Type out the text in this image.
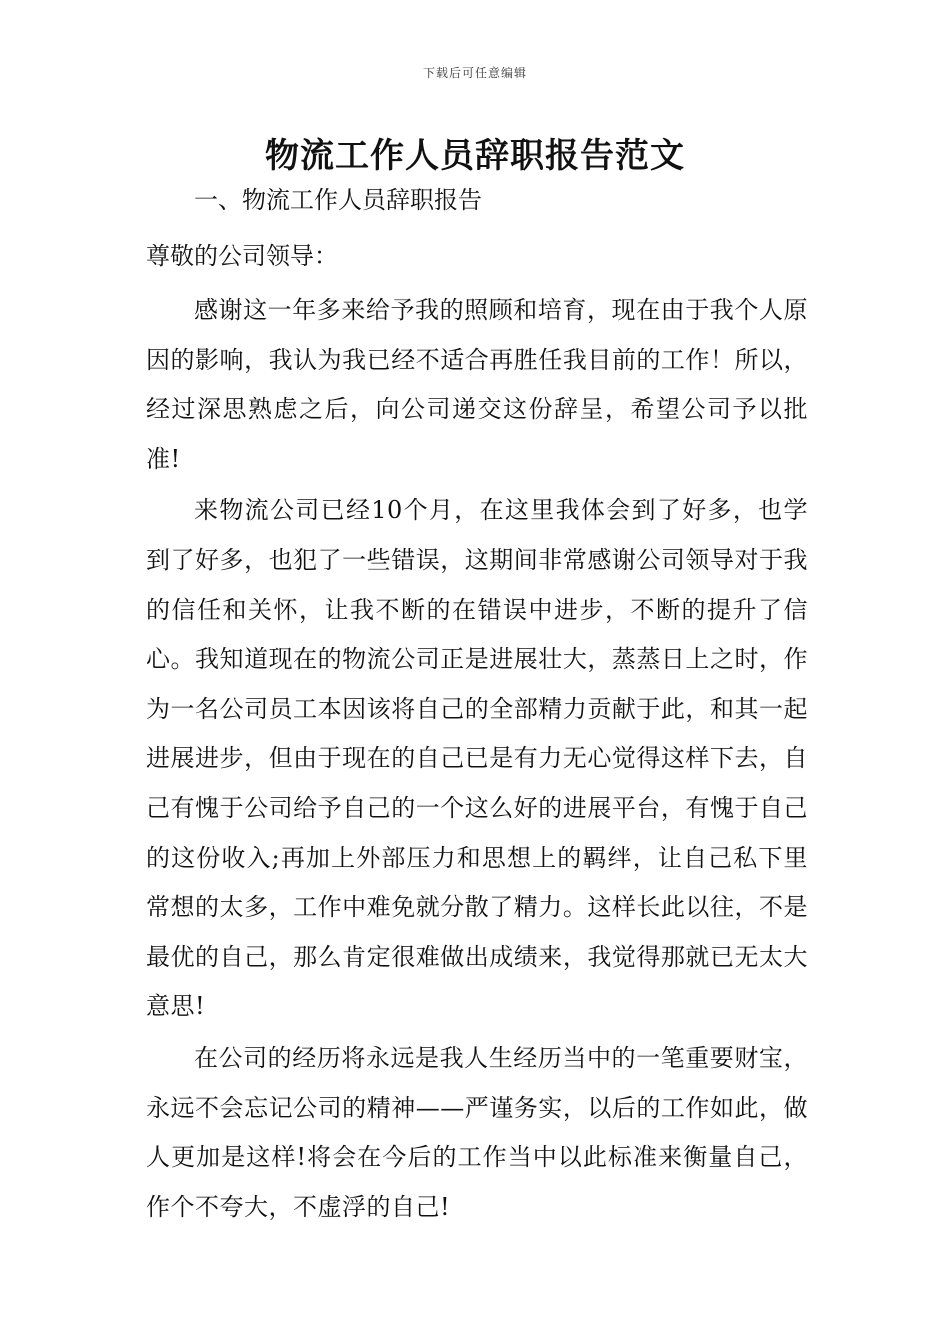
下载后可任意编辑
物流工作人员辞职报告范文

一、物流工作人员辞职报告

尊敬的公司领导：

感谢这一年多来给予我的照顾和培育，现在由于我个人原因的影响，我认为我已经不适合再胜任我目前的工作！所以，经过深思熟虑之后，向公司递交这份辞呈，希望公司予以批准!

来物流公司已经10个月，在这里我体会到了好多，也学到了好多，也犯了一些错误，这期间非常感谢公司领导对于我的信任和关怀，让我不断的在错误中进步，不断的提升了信心。我知道现在的物流公司正是进展壮大，蒸蒸日上之时，作为一名公司员工本因该将自己的全部精力贡献于此，和其一起进展进步，但由于现在的自己已是有力无心觉得这样下去，自己有愧于公司给予自己的一个这么好的进展平台，有愧于自己的这份收入;再加上外部压力和思想上的羁绊，让自己私下里常想的太多，工作中难免就分散了精力。这样长此以往，不是最优的自己，那么肯定很难做出成绩来，我觉得那就已无太大意思!

在公司的经历将永远是我人生经历当中的一笔重要财宝，永远不会忘记公司的精神——严谨务实，以后的工作如此，做人更加是这样!将会在今后的工作当中以此标准来衡量自己，作个不夸大，不虚浮的自己!
